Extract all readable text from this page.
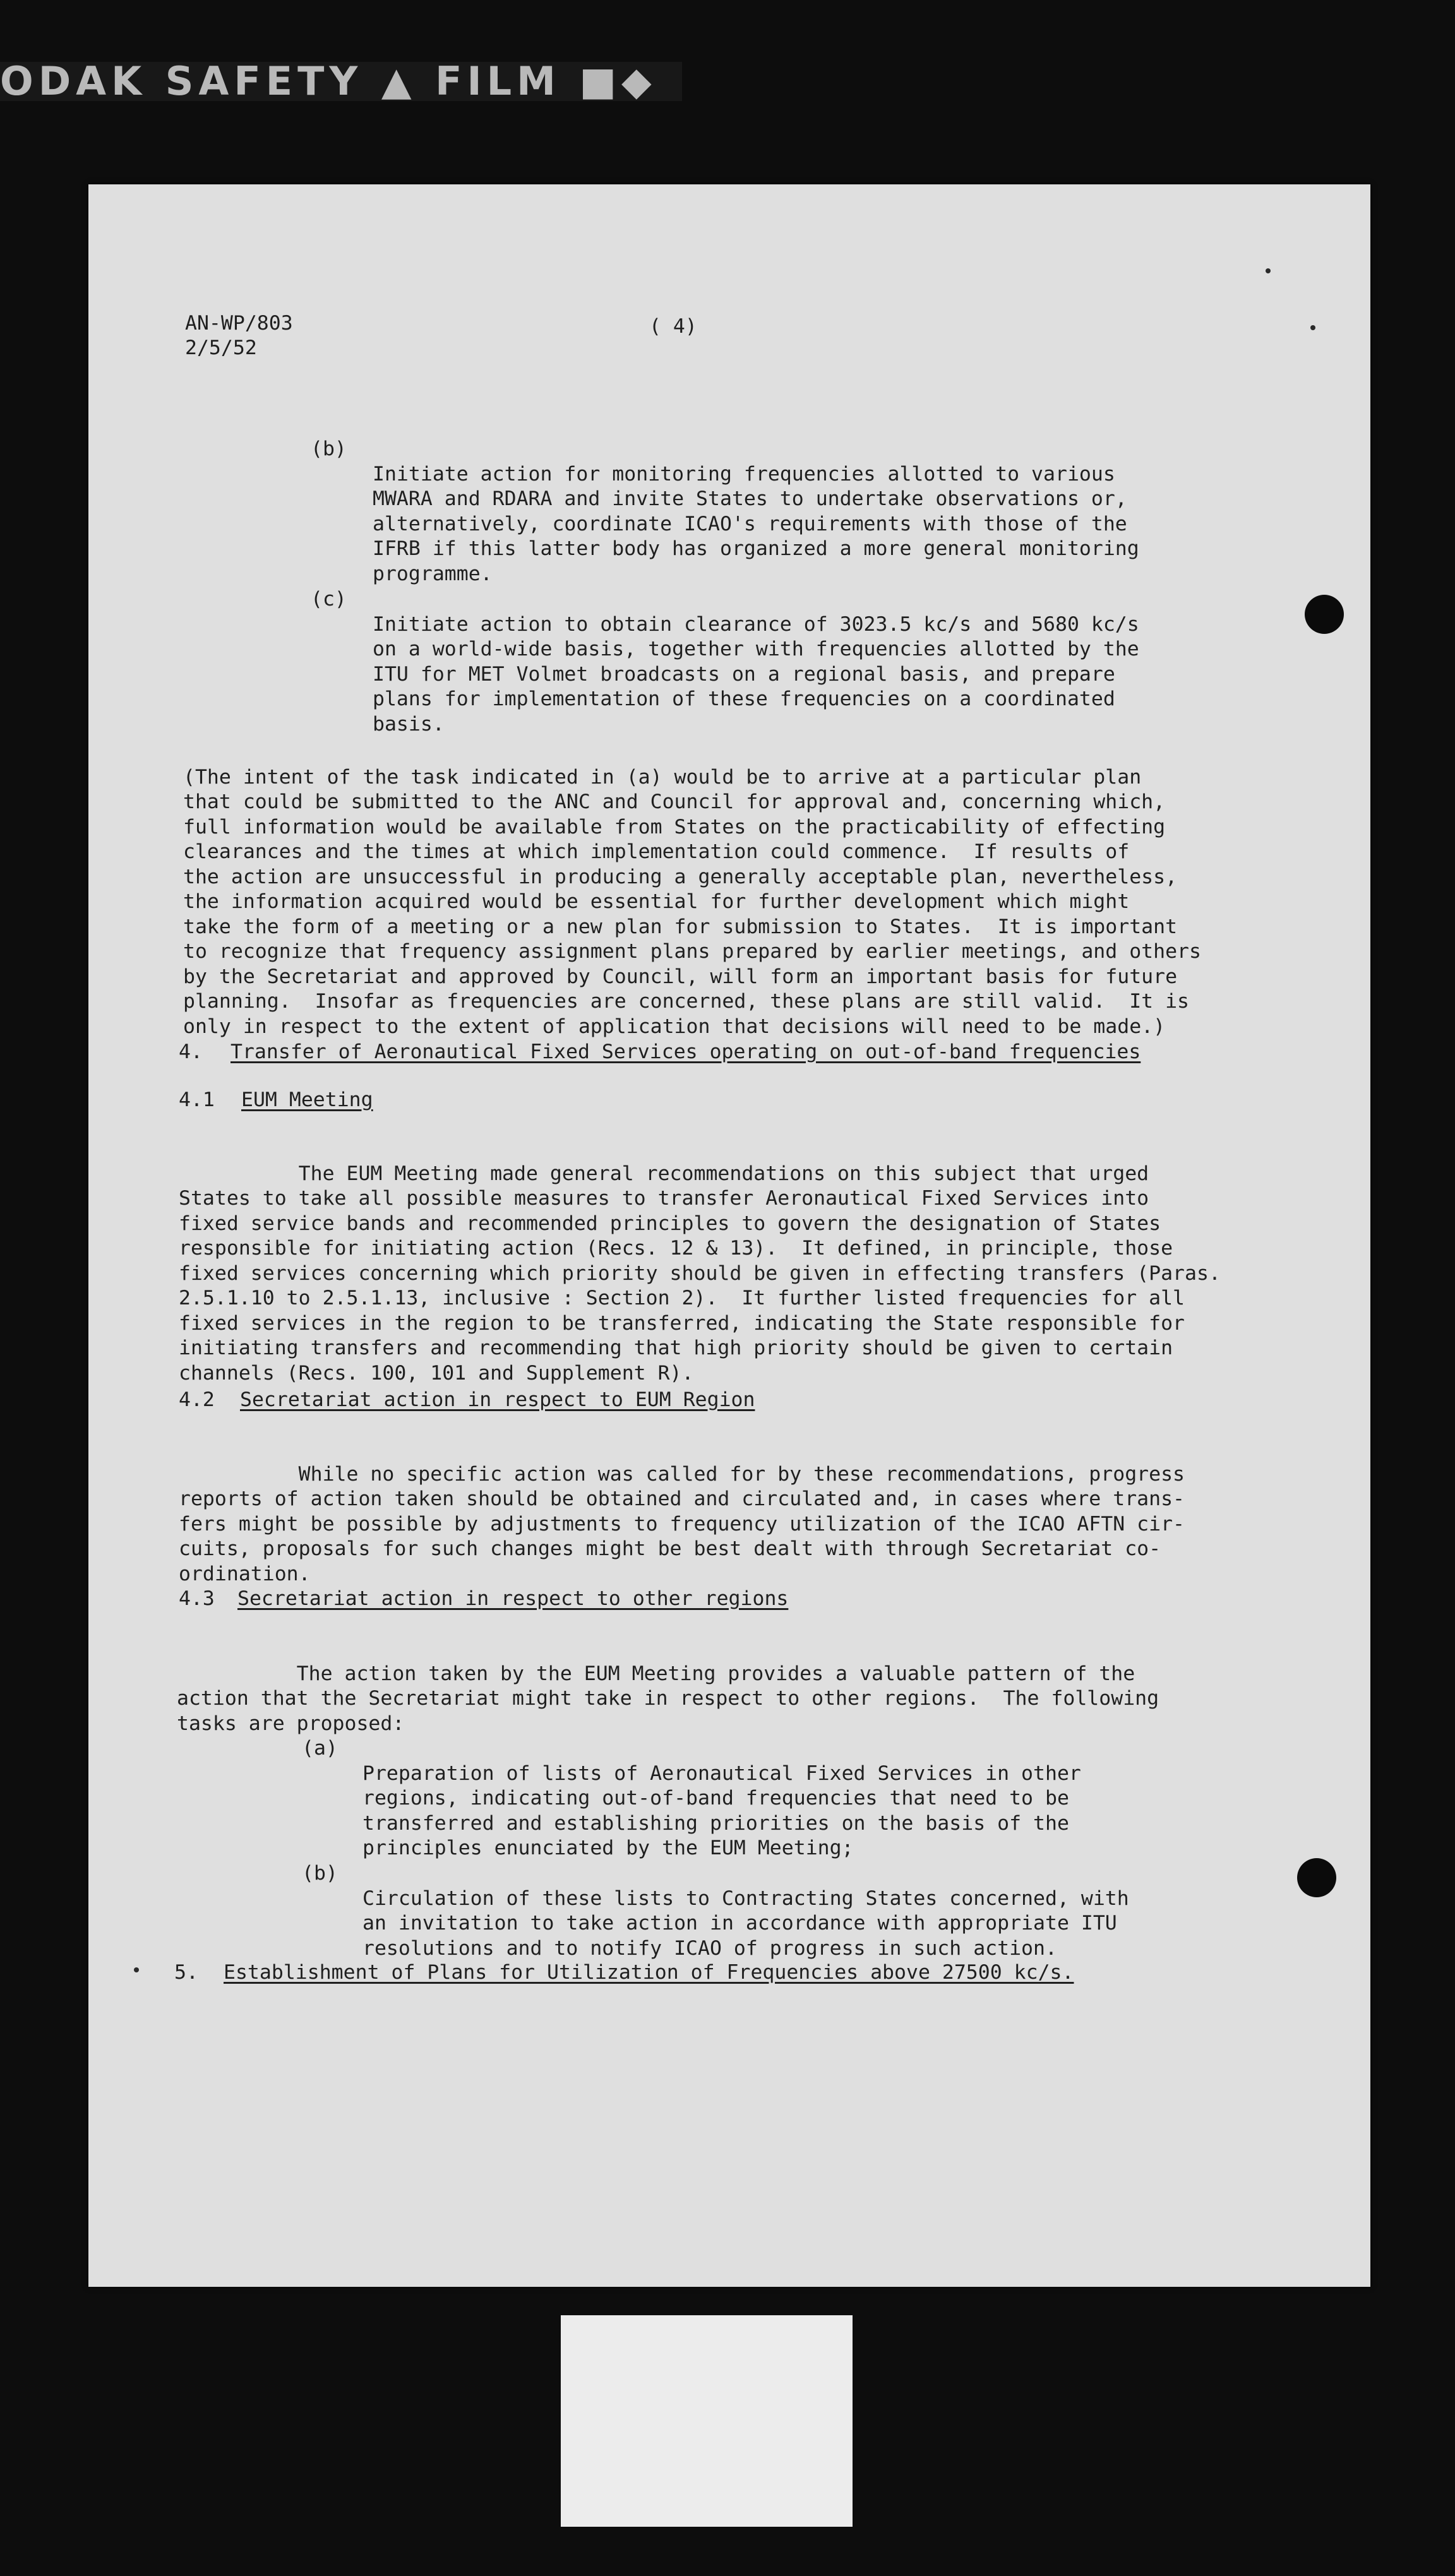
ODAK SAFETY ▲ FILM ■◆
AN-WP/803
2/5/52
( 4)
(b)

Initiate action for monitoring frequencies allotted to various
MWARA and RDARA and invite States to undertake observations or,
alternatively, coordinate ICAO's requirements with those of the
IFRB if this latter body has organized a more general monitoring
programme.

(c)

Initiate action to obtain clearance of 3023.5 kc/s and 5680 kc/s
on a world-wide basis, together with frequencies allotted by the
ITU for MET Volmet broadcasts on a regional basis, and prepare
plans for implementation of these frequencies on a coordinated
basis.

(The intent of the task indicated in (a) would be to arrive at a particular plan
that could be submitted to the ANC and Council for approval and, concerning which,
full information would be available from States on the practicability of effecting
clearances and the times at which implementation could commence.  If results of
the action are unsuccessful in producing a generally acceptable plan, nevertheless,
the information acquired would be essential for further development which might
take the form of a meeting or a new plan for submission to States.  It is important
to recognize that frequency assignment plans prepared by earlier meetings, and others
by the Secretariat and approved by Council, will form an important basis for future
planning.  Insofar as frequencies are concerned, these plans are still valid.  It is
only in respect to the extent of application that decisions will need to be made.)

4. Transfer of Aeronautical Fixed Services operating on out-of-band frequencies
4.1 EUM Meeting

The EUM Meeting made general recommendations on this subject that urged
States to take all possible measures to transfer Aeronautical Fixed Services into
fixed service bands and recommended principles to govern the designation of States
responsible for initiating action (Recs. 12 & 13).  It defined, in principle, those
fixed services concerning which priority should be given in effecting transfers (Paras.
2.5.1.10 to 2.5.1.13, inclusive : Section 2).  It further listed frequencies for all
fixed services in the region to be transferred, indicating the State responsible for
initiating transfers and recommending that high priority should be given to certain
channels (Recs. 100, 101 and Supplement R).

4.2 Secretariat action in respect to EUM Region

While no specific action was called for by these recommendations, progress
reports of action taken should be obtained and circulated and, in cases where trans-
fers might be possible by adjustments to frequency utilization of the ICAO AFTN cir-
cuits, proposals for such changes might be best dealt with through Secretariat co-
ordination.

4.3 Secretariat action in respect to other regions

The action taken by the EUM Meeting provides a valuable pattern of the
action that the Secretariat might take in respect to other regions.  The following
tasks are proposed:

(a)

Preparation of lists of Aeronautical Fixed Services in other
regions, indicating out-of-band frequencies that need to be
transferred and establishing priorities on the basis of the
principles enunciated by the EUM Meeting;

(b)

Circulation of these lists to Contracting States concerned, with
an invitation to take action in accordance with appropriate ITU
resolutions and to notify ICAO of progress in such action.

5. Establishment of Plans for Utilization of Frequencies above 27500 kc/s.
